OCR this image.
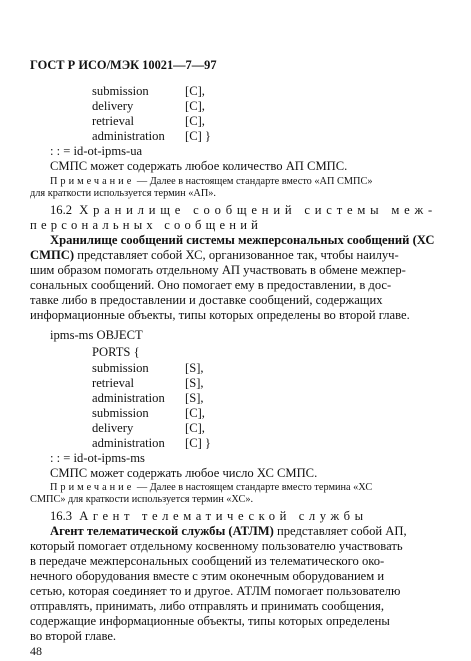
ГОСТ Р ИСО/МЭК 10021—7—97
submission	[C],
delivery	[C],
retrieval	[C],
administration [C] }
: : = id-ot-ipms-ua
СМПС может содержать любое количество АП СМПС.
Примечание — Далее в настоящем стандарте вместо «АП СМПС»
для краткости используется термин «АП».
16.2 Хранилище сообщений системы меж-
персональных сообщений
Хранилище сообщений системы межперсональных сообщений (ХС
СМПС) представляет собой ХС, организованное так, чтобы наилуч-
шим образом помогать отдельному АП участвовать в обмене межпер-
сональных сообщений. Оно помогает ему в предоставлении, в дос-
тавке либо в предоставлении и доставке сообщений, содержащих
информационные объекты, типы которых определены во второй главе.
ipms-ms OBJECT
PORTS {
submission	[S],
retrieval	[S],
administration [S],
submission	[C],
delivery	[C],
administration [C] }
: : = id-ot-ipms-ms
СМПС может содержать любое число ХС СМПС.
Примечание — Далее в настоящем стандарте вместо термина «ХС
СМПС» для краткости используется термин «ХС».
16.3 Агент телематической службы
Агент телематической службы (АТЛМ) представляет собой АП,
который помогает отдельному косвенному пользователю участвовать
в передаче межперсональных сообщений из телематического око-
нечного оборудования вместе с этим оконечным оборудованием и
сетью, которая соединяет то и другое. АТЛМ помогает пользователю
отправлять, принимать, либо отправлять и принимать сообщения,
содержащие информационные объекты, типы которых определены
во второй главе.
48
